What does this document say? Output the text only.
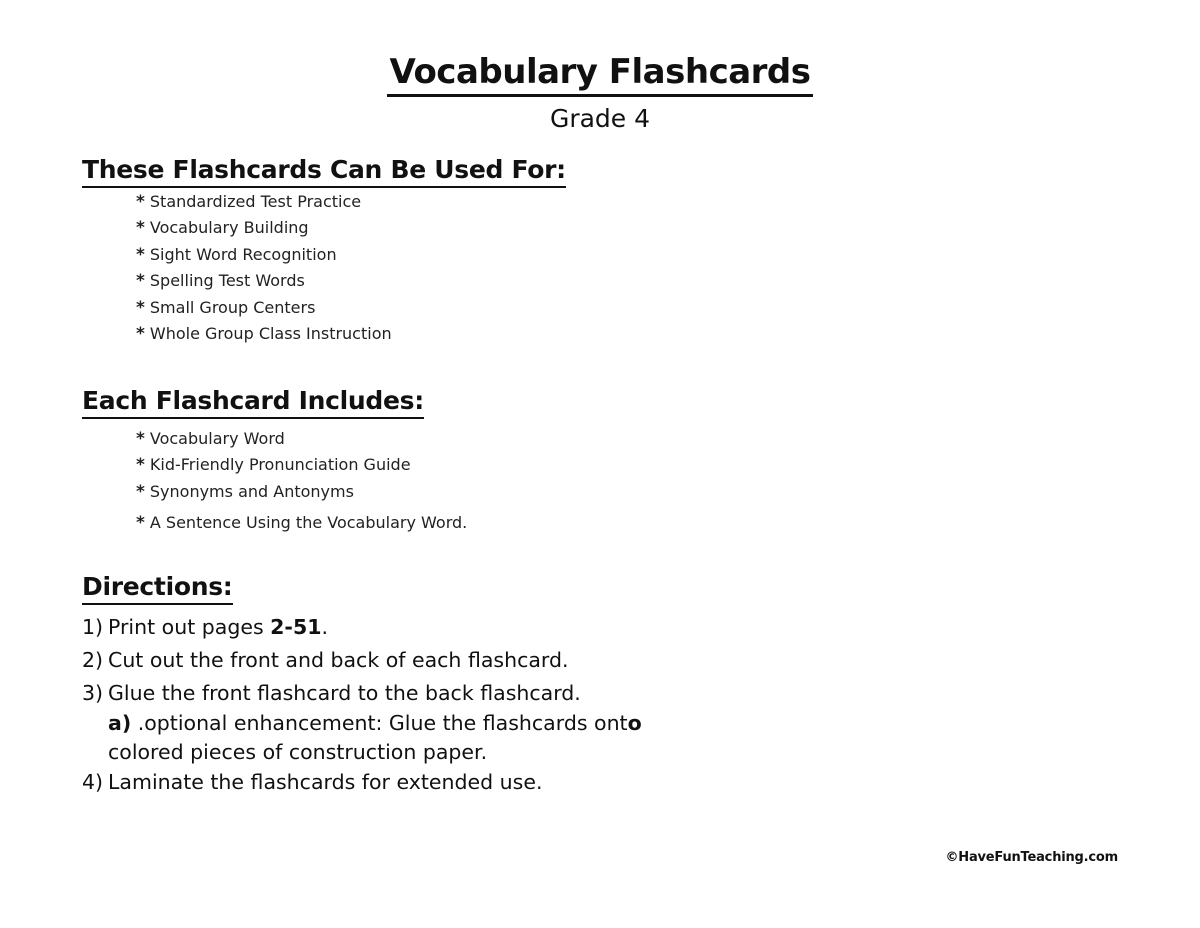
Vocabulary Flashcards
Grade 4
These Flashcards Can Be Used For:
* Standardized Test Practice
* Vocabulary Building
* Sight Word Recognition
* Spelling Test Words
* Small Group Centers
* Whole Group Class Instruction
Each Flashcard Includes:
* Vocabulary Word
* Kid-Friendly Pronunciation Guide
* Synonyms and Antonyms
* A Sentence Using the Vocabulary Word.
Directions:
1) Print out pages 2-51.
2) Cut out the front and back of each flashcard.
3) Glue the front flashcard to the back flashcard.
a) .optional enhancement: Glue the flashcards onto
colored pieces of construction paper.
4) Laminate the flashcards for extended use.
©HaveFunTeaching.com
